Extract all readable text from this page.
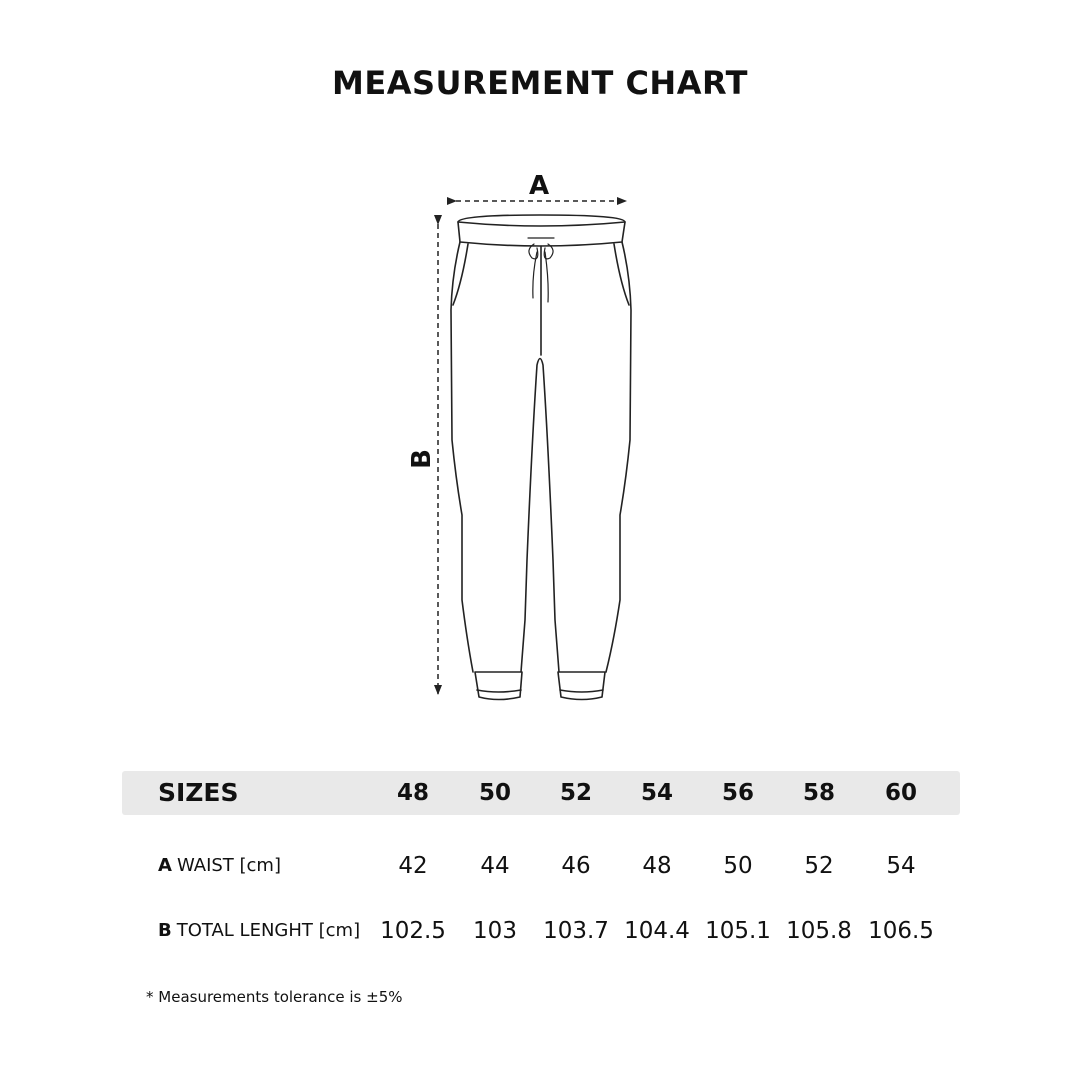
MEASUREMENT CHART
A
B
SIZES	48	50	52	54	56	58	60
A WAIST [cm]	42	44	46	48	50	52	54
B TOTAL LENGHT [cm] 102.5	103	103.7 104.4 105.1 105.8 106.5
* Measurements tolerance is ±5%
